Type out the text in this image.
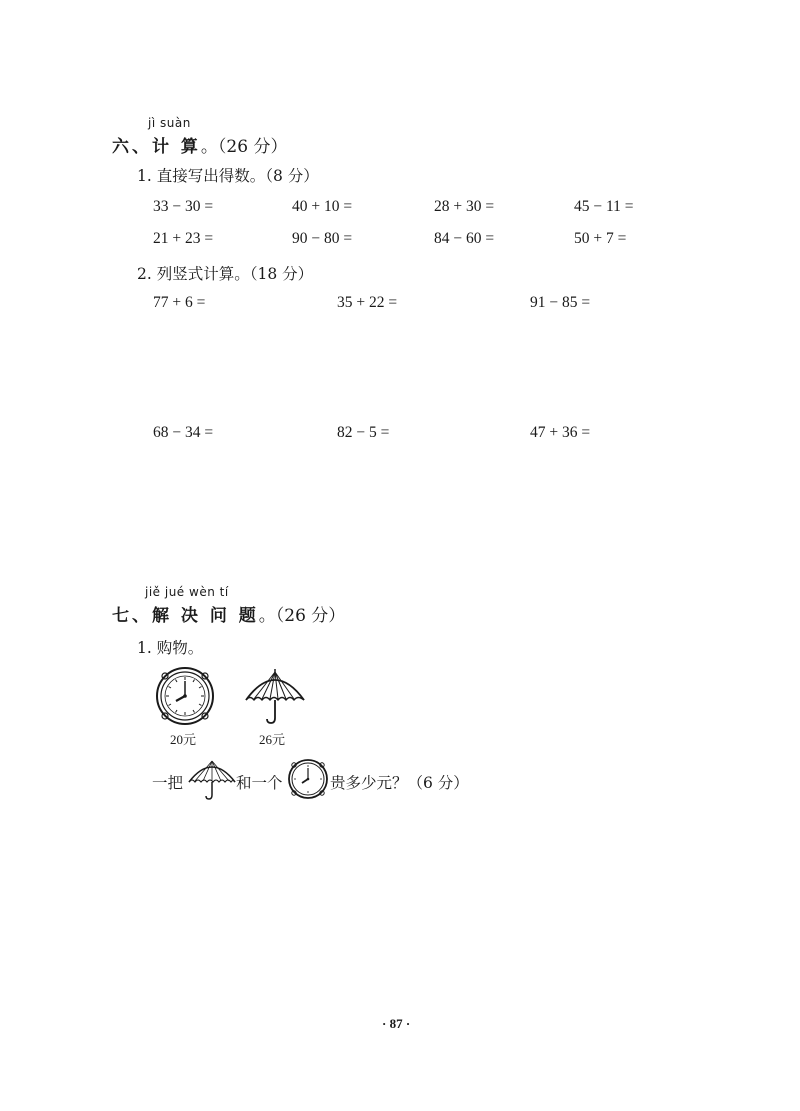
jì suàn
六、计 算。（26 分）
1. 直接写出得数。（8 分）
33 − 30 =	40 + 10 =	28 + 30 =	45 − 11 =
21 + 23 =	90 − 80 =	84 − 60 =	50 + 7 =
2. 列竖式计算。（18 分）
77 + 6 =	35 + 22 =	91 − 85 =
68 − 34 =	82 − 5 =	47 + 36 =
jiě jué wèn tí
七、解 决 问 题。（26 分）
1. 购物。
20元	26元
一把	和一个	贵多少元？（6 分）
· 87 ·
